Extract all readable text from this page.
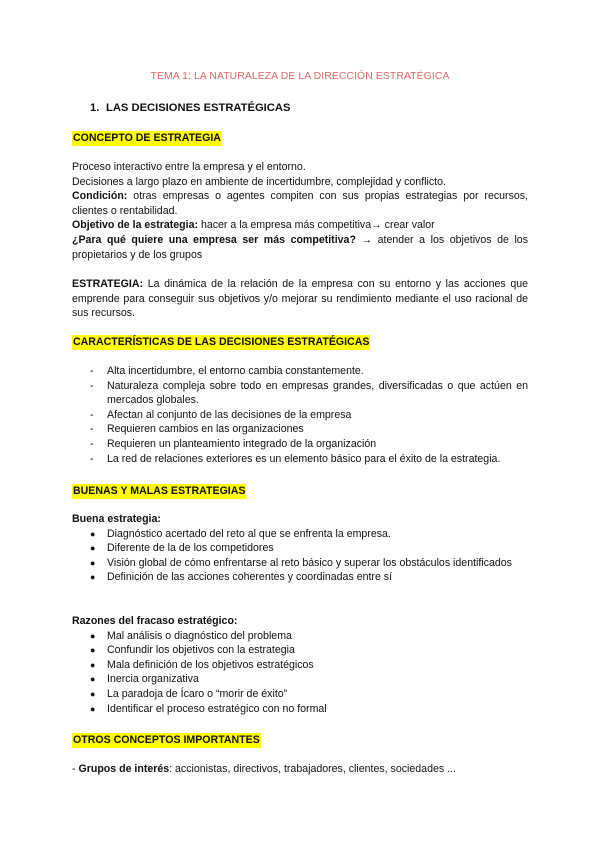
TEMA 1: LA NATURALEZA DE LA DIRECCIÓN ESTRATÉGICA
1. LAS DECISIONES ESTRATÉGICAS
CONCEPTO DE ESTRATEGIA

Proceso interactivo entre la empresa y el entorno.

Decisiones a largo plazo en ambiente de incertidumbre, complejidad y conflicto.

Condición: otras empresas o agentes compiten con sus propias estrategias por recursos, clientes o rentabilidad.

Objetivo de la estrategia: hacer a la empresa más competitiva→ crear valor

¿Para qué quiere una empresa ser más competitiva? → atender a los objetivos de los propietarios y de los grupos

ESTRATEGIA: La dinámica de la relación de la empresa con su entorno y las acciones que emprende para conseguir sus objetivos y/o mejorar su rendimiento mediante el uso racional de sus recursos.

CARACTERÍSTICAS DE LAS DECISIONES ESTRATÉGICAS
- Alta incertidumbre, el entorno cambia constantemente.
- Naturaleza compleja sobre todo en empresas grandes, diversificadas o que actúen en mercados globales.
- Afectan al conjunto de las decisiones de la empresa
- Requieren cambios en las organizaciones
- Requieren un planteamiento integrado de la organización
- La red de relaciones exteriores es un elemento básico para el éxito de la estrategia.
BUENAS Y MALAS ESTRATEGIAS

Buena estrategia:

● Diagnóstico acertado del reto al que se enfrenta la empresa.
● Diferente de la de los competidores
● Visión global de cómo enfrentarse al reto básico y superar los obstáculos identificados
● Definición de las acciones coherentes y coordinadas entre sí

Razones del fracaso estratégico:

● Mal análisis o diagnóstico del problema
● Confundir los objetivos con la estrategia
● Mala definición de los objetivos estratégicos
● Inercia organizativa
● La paradoja de Ícaro o “morir de éxito”
● Identificar el proceso estratégico con no formal
OTROS CONCEPTOS IMPORTANTES

- Grupos de interés: accionistas, directivos, trabajadores, clientes, sociedades ...
